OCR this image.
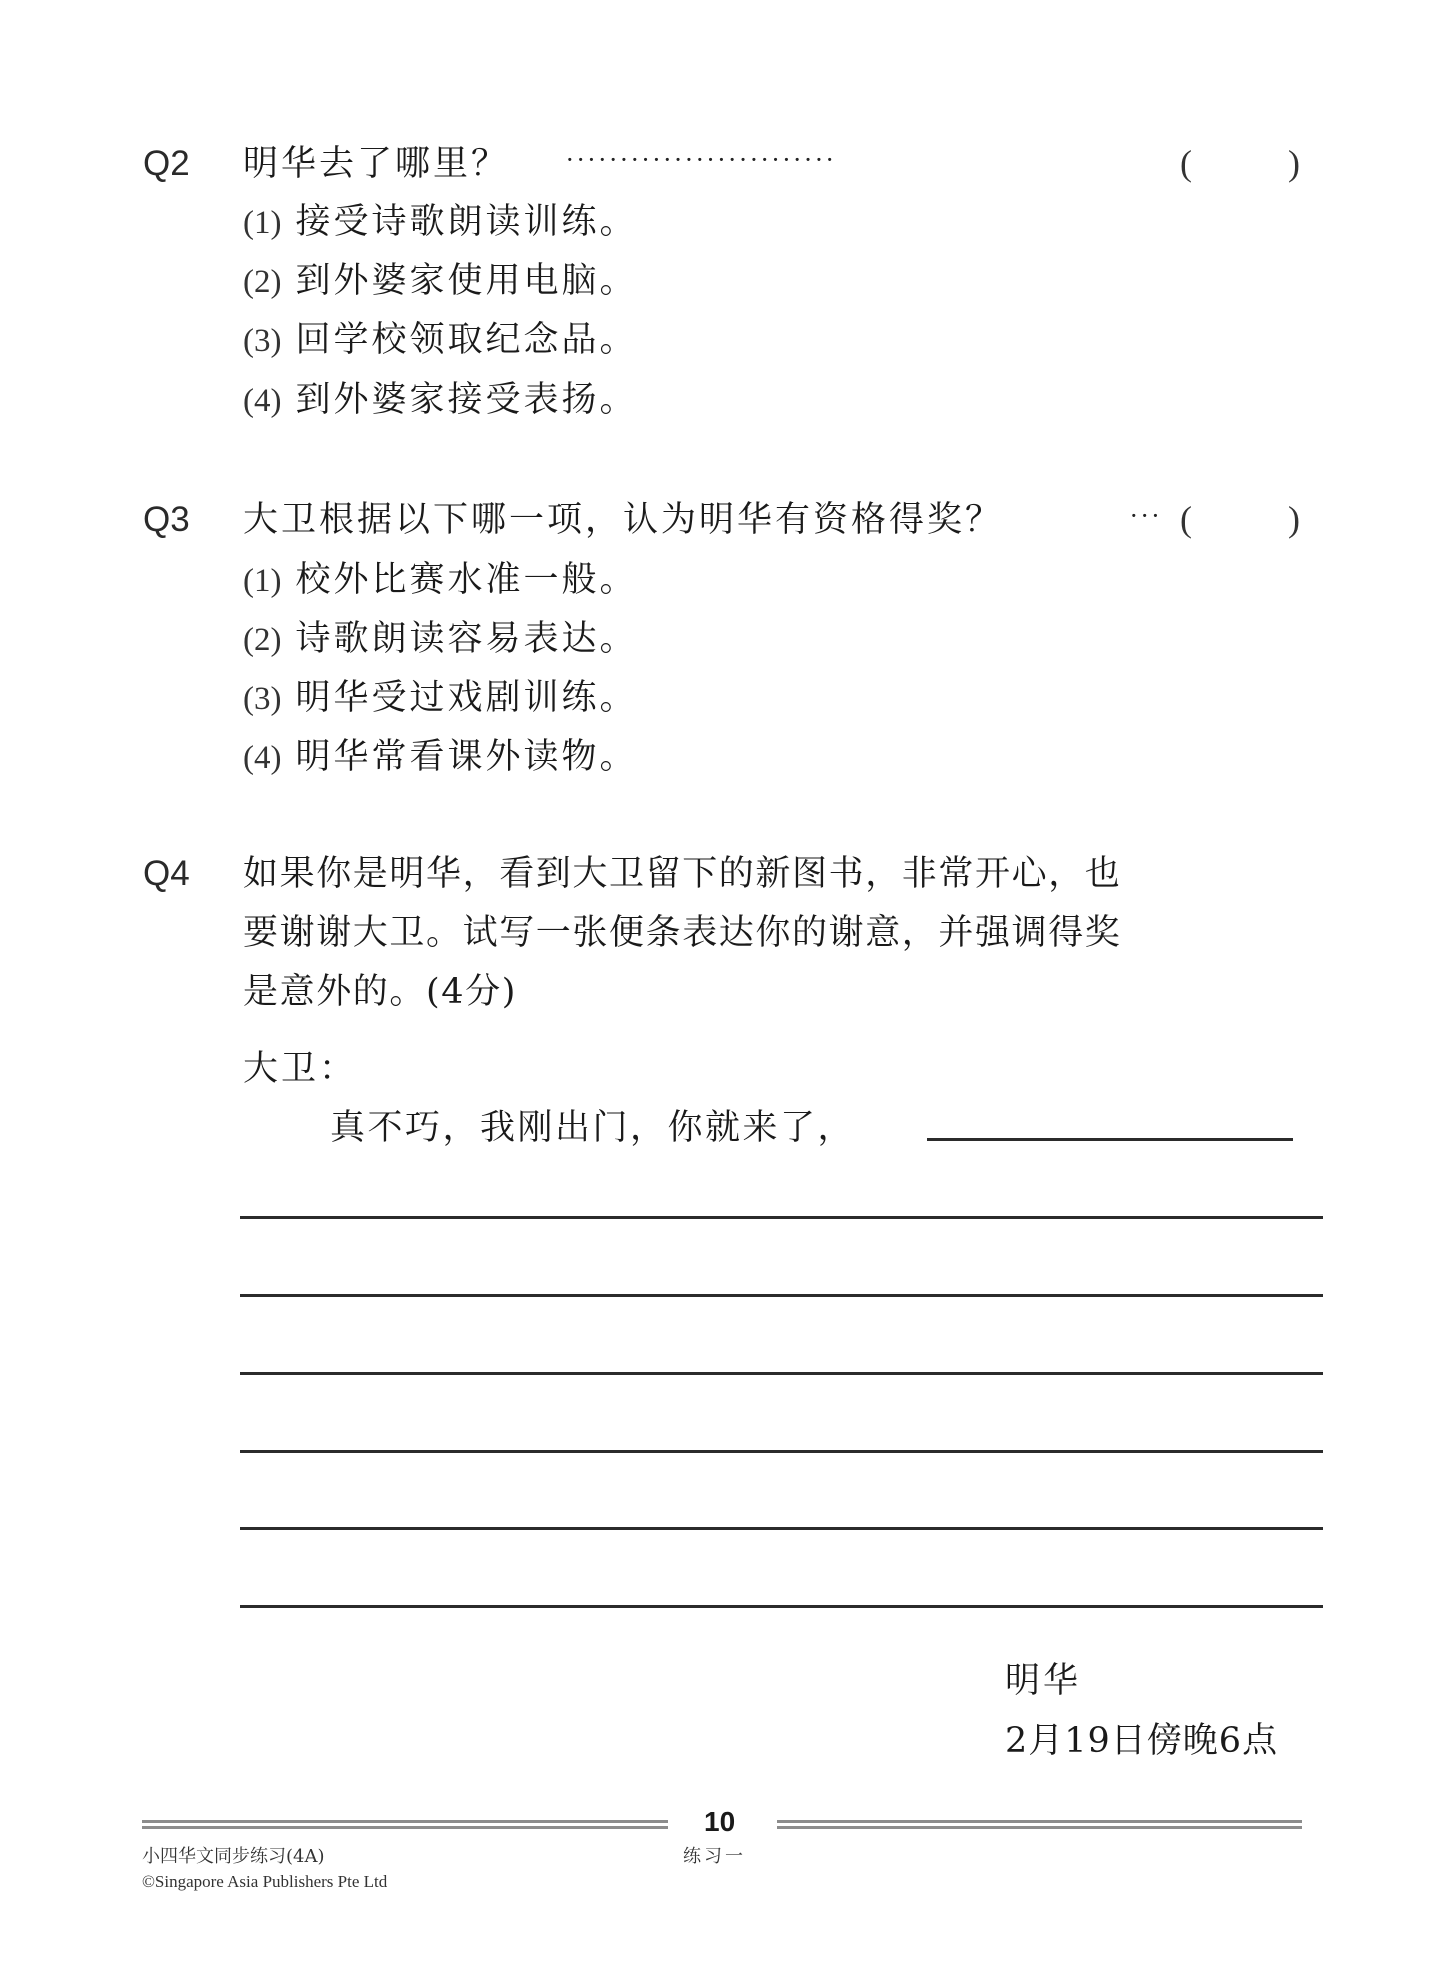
Q2 明华去了哪里？ ·························	(	)
(1) 接受诗歌朗读训练。
(2) 到外婆家使用电脑。
(3) 回学校领取纪念品。
(4) 到外婆家接受表扬。
Q3 大卫根据以下哪一项，认为明华有资格得奖？	··· (	)
(1) 校外比赛水准一般。
(2) 诗歌朗读容易表达。
(3) 明华受过戏剧训练。
(4) 明华常看课外读物。
Q4 如果你是明华，看到大卫留下的新图书，非常开心，也
要谢谢大卫。试写一张便条表达你的谢意，并强调得奖
是意外的。(4分)
大卫：
真不巧，我刚出门，你就来了，
明华
2月19日傍晚6点
10
小四华文同步练习(4A)	练习一
©Singapore Asia Publishers Pte Ltd
